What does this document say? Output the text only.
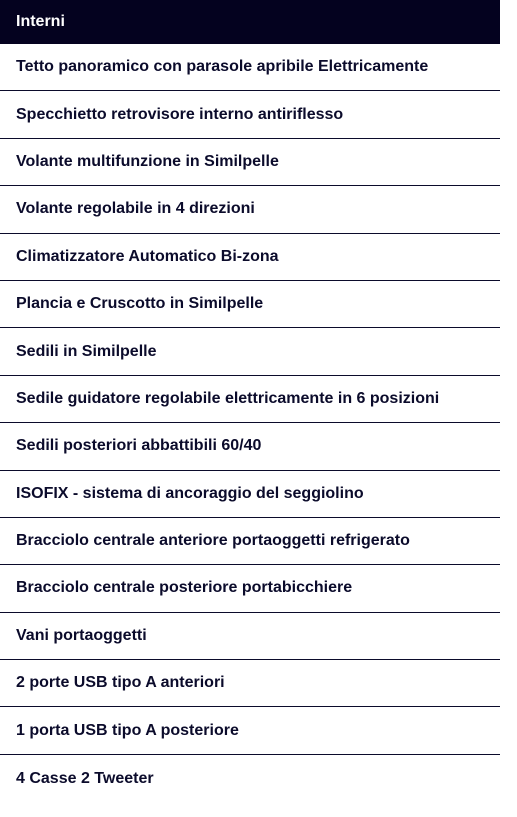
Interni
Tetto panoramico con parasole apribile Elettricamente
Specchietto retrovisore interno antiriflesso
Volante multifunzione in Similpelle
Volante regolabile in 4 direzioni
Climatizzatore Automatico Bi-zona
Plancia e Cruscotto in Similpelle
Sedili in Similpelle
Sedile guidatore regolabile elettricamente in 6 posizioni
Sedili posteriori abbattibili 60/40
ISOFIX - sistema di ancoraggio del seggiolino
Bracciolo centrale anteriore portaoggetti refrigerato
Bracciolo centrale posteriore portabicchiere
Vani portaoggetti
2 porte USB tipo A anteriori
1 porta USB tipo A posteriore
4 Casse 2 Tweeter
